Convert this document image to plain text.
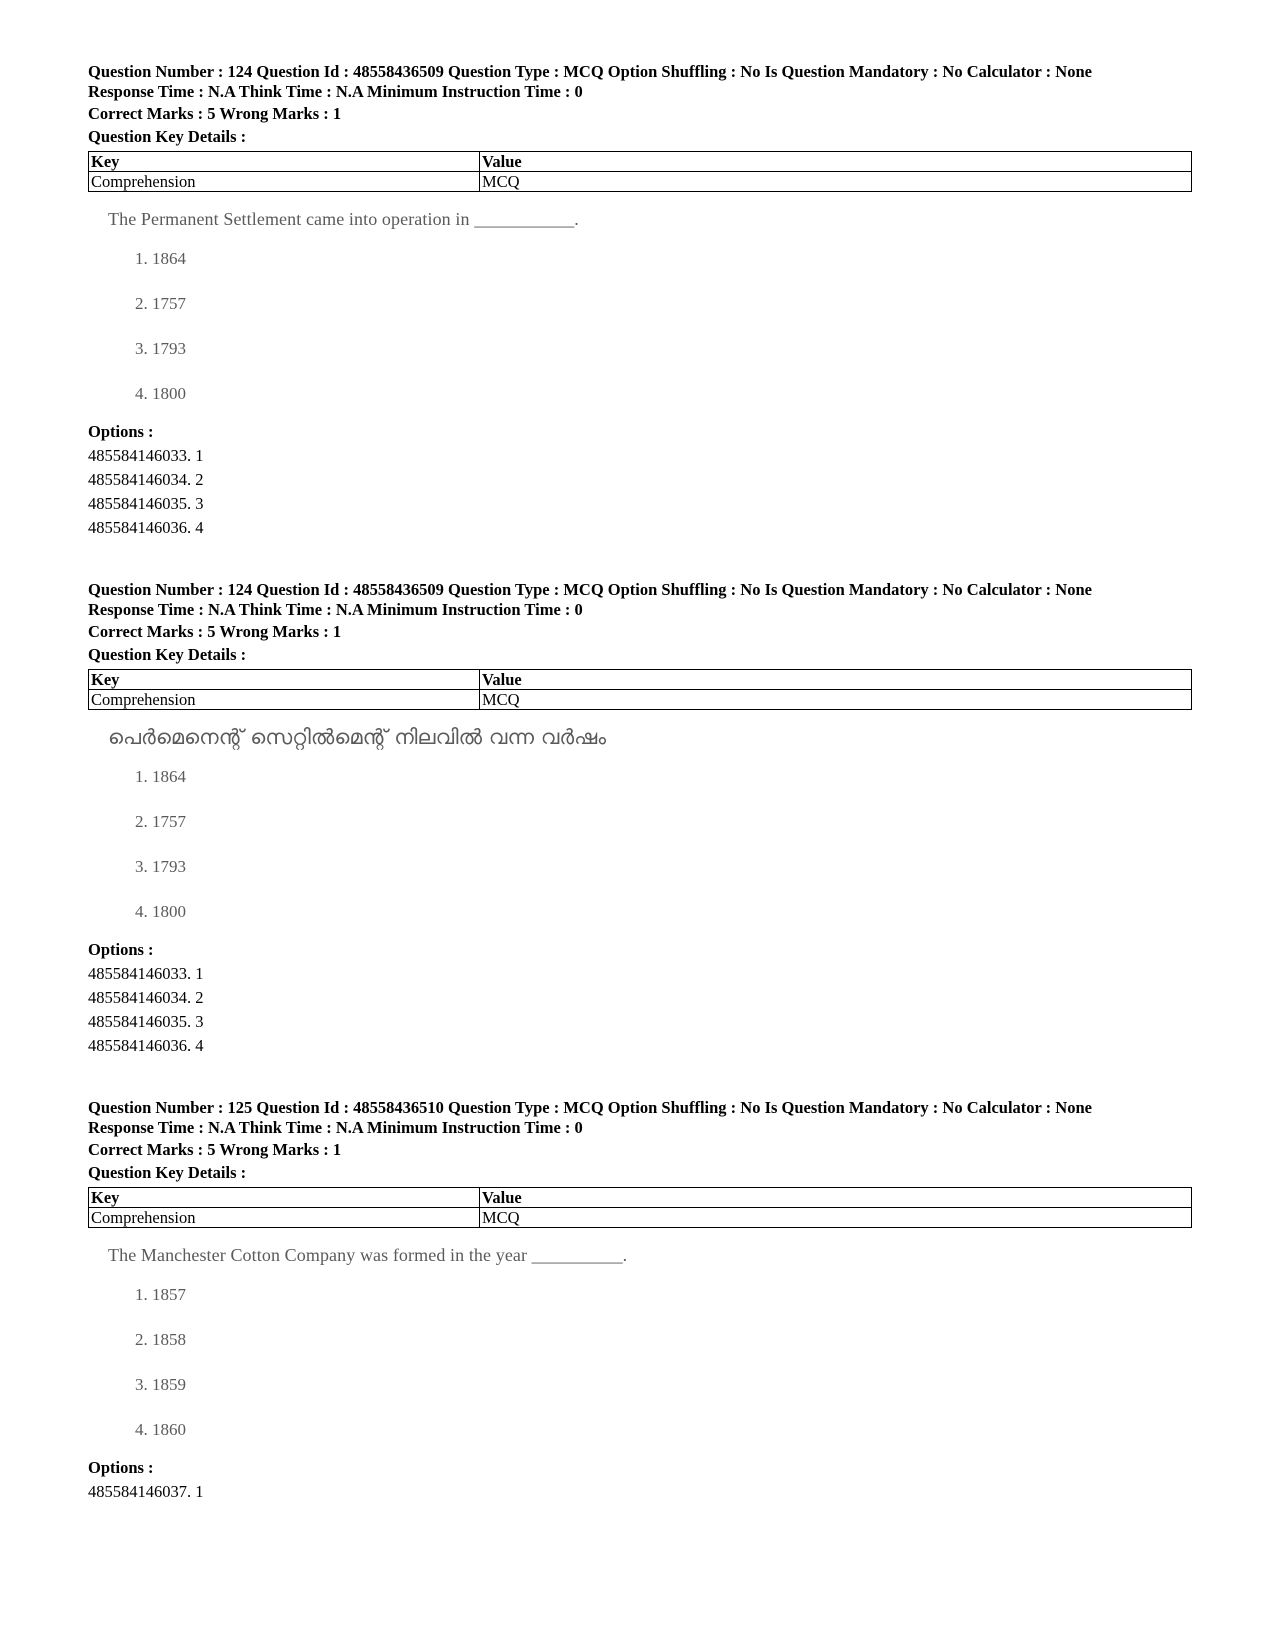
Question Number : 124 Question Id : 48558436509 Question Type : MCQ Option Shuffling : No Is Question Mandatory : No Calculator : None
Response Time : N.A Think Time : N.A Minimum Instruction Time : 0
Correct Marks : 5 Wrong Marks : 1
Question Key Details :
Key	Value
Comprehension	MCQ
The Permanent Settlement came into operation in ___________.
1. 1864
2. 1757
3. 1793
4. 1800
Options :
485584146033. 1
485584146034. 2
485584146035. 3
485584146036. 4
Question Number : 124 Question Id : 48558436509 Question Type : MCQ Option Shuffling : No Is Question Mandatory : No Calculator : None
Response Time : N.A Think Time : N.A Minimum Instruction Time : 0
Correct Marks : 5 Wrong Marks : 1
Question Key Details :
Key	Value
Comprehension	MCQ
പെർമെനെന്റ് സെറ്റിൽമെന്റ് നിലവിൽ വന്ന വർഷം
1. 1864
2. 1757
3. 1793
4. 1800
Options :
485584146033. 1
485584146034. 2
485584146035. 3
485584146036. 4
Question Number : 125 Question Id : 48558436510 Question Type : MCQ Option Shuffling : No Is Question Mandatory : No Calculator : None
Response Time : N.A Think Time : N.A Minimum Instruction Time : 0
Correct Marks : 5 Wrong Marks : 1
Question Key Details :
Key	Value
Comprehension	MCQ
The Manchester Cotton Company was formed in the year __________.
1. 1857
2. 1858
3. 1859
4. 1860
Options :
485584146037. 1
